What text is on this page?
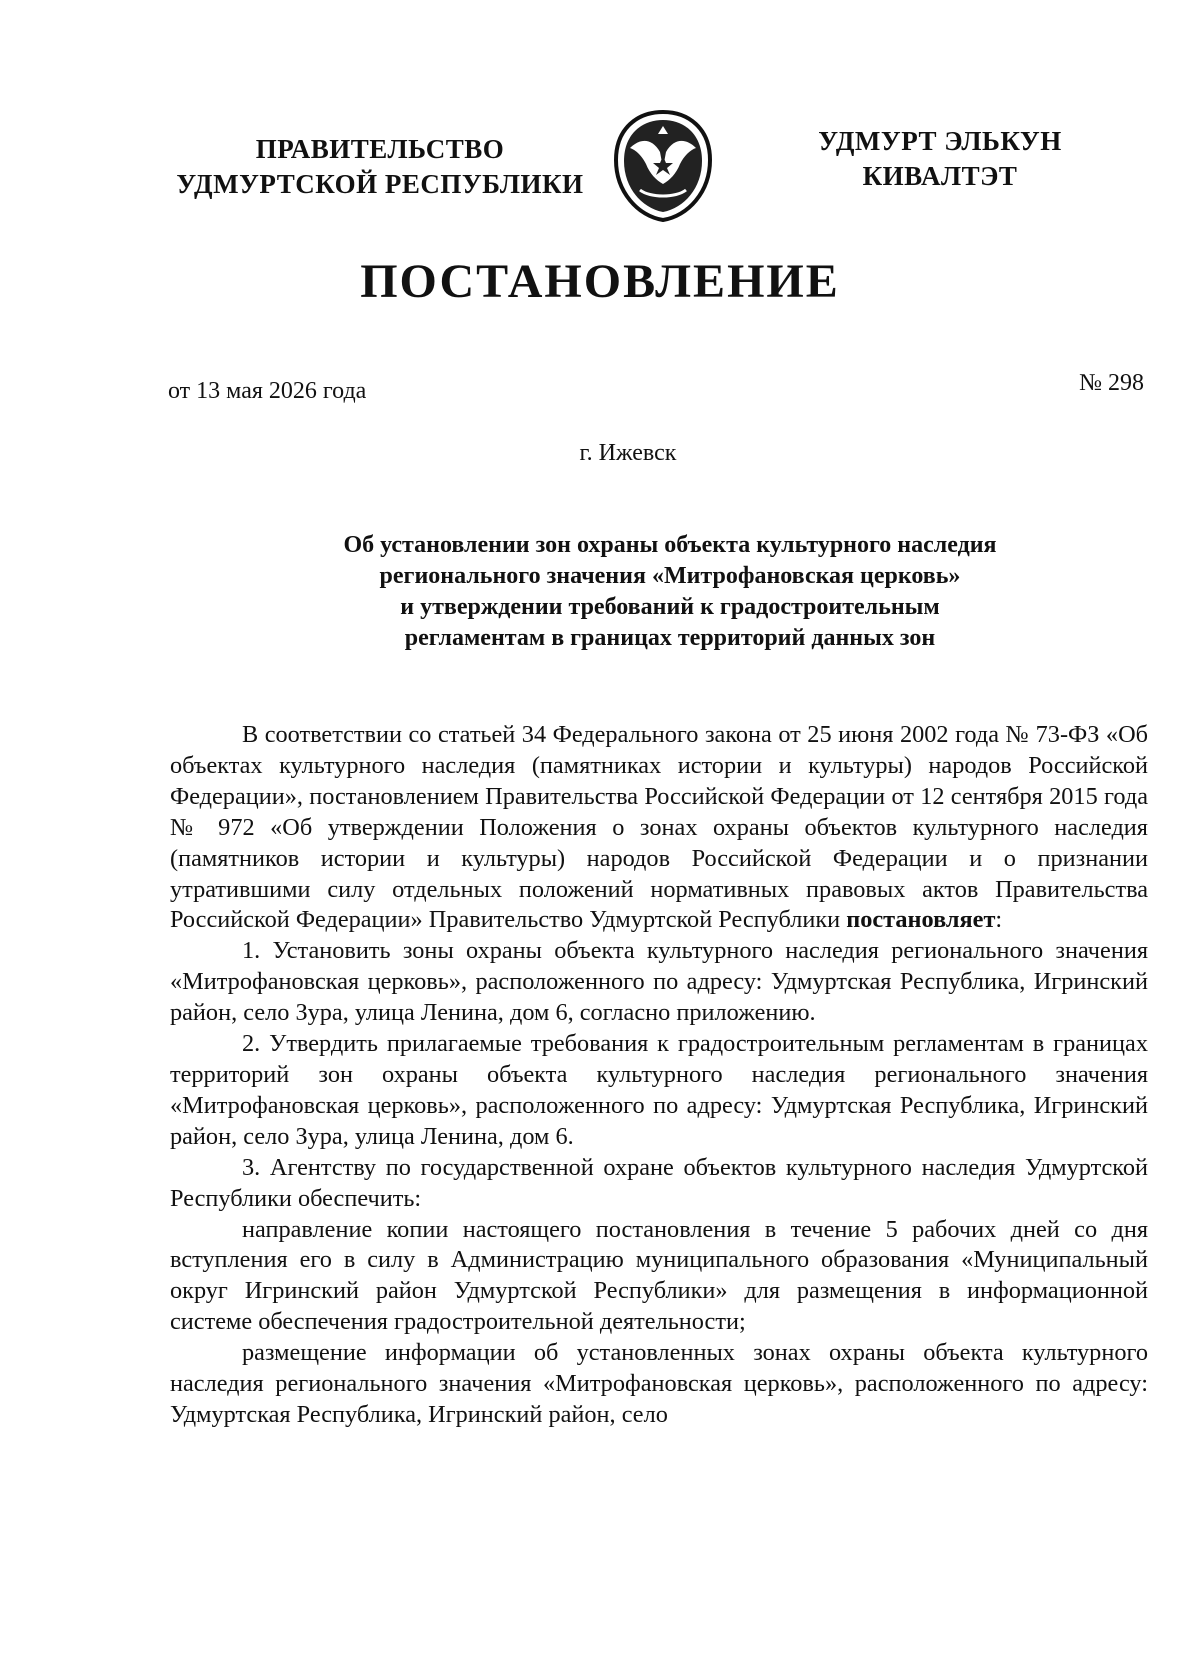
ПРАВИТЕЛЬСТВО
УДМУРТСКОЙ РЕСПУБЛИКИ
УДМУРТ ЭЛЬКУН
КИВАЛТЭТ
ПОСТАНОВЛЕНИЕ
от 13 мая 2026 года	№ 298
г. Ижевск
Об установлении зон охраны объекта культурного наследия
регионального значения «Митрофановская церковь»
и утверждении требований к градостроительным
регламентам в границах территорий данных зон

В соответствии со статьей 34 Федерального закона от 25 июня 2002 года № 73-ФЗ «Об объектах культурного наследия (памятниках истории и культуры) народов Российской Федерации», постановлением Правительства Российской Федерации от 12 сентября 2015 года № 972 «Об утверждении Положения о зонах охраны объектов культурного наследия (памятников истории и культуры) народов Российской Федерации и о признании утратившими силу отдельных положений нормативных правовых актов Правительства Российской Федерации» Правительство Удмуртской Республики постановляет:

1. Установить зоны охраны объекта культурного наследия регионального значения «Митрофановская церковь», расположенного по адресу: Удмуртская Республика, Игринский район, село Зура, улица Ленина, дом 6, согласно приложению.

2. Утвердить прилагаемые требования к градостроительным регламентам в границах территорий зон охраны объекта культурного наследия регионального значения «Митрофановская церковь», расположенного по адресу: Удмуртская Республика, Игринский район, село Зура, улица Ленина, дом 6.

3. Агентству по государственной охране объектов культурного наследия Удмуртской Республики обеспечить:

направление копии настоящего постановления в течение 5 рабочих дней со дня вступления его в силу в Администрацию муниципального образования «Муниципальный округ Игринский район Удмуртской Республики» для размещения в информационной системе обеспечения градостроительной деятельности;

размещение информации об установленных зонах охраны объекта культурного наследия регионального значения «Митрофановская церковь», расположенного по адресу: Удмуртская Республика, Игринский район, село
